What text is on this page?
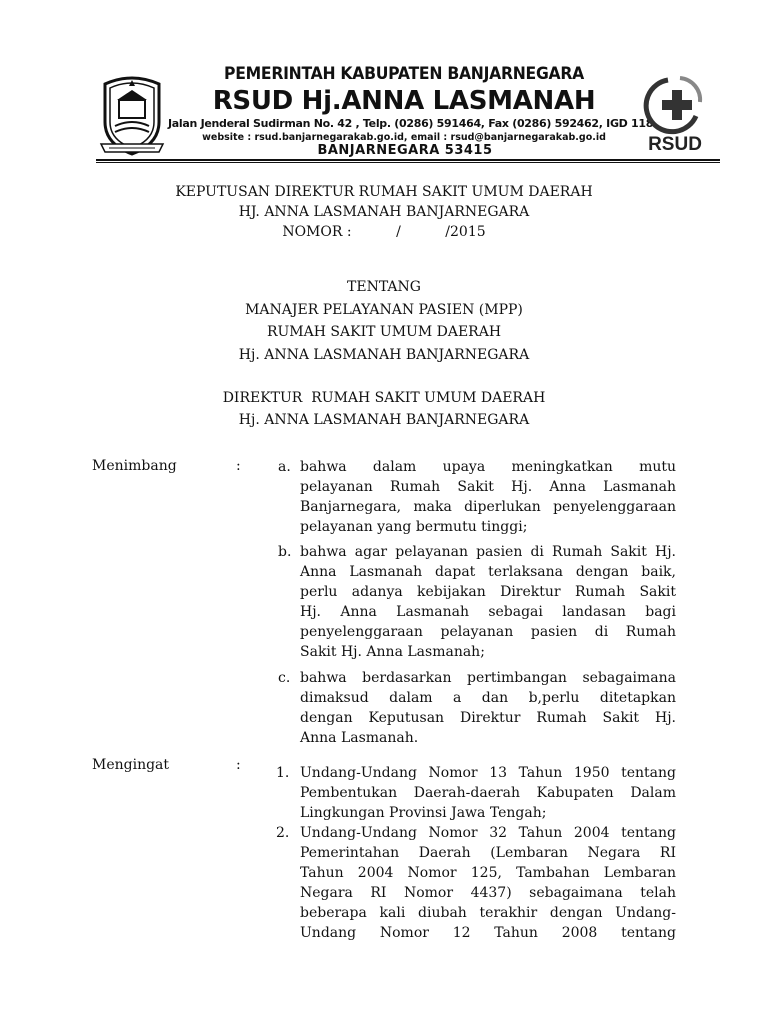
PEMERINTAH KABUPATEN BANJARNEGARA
RSUD Hj.ANNA LASMANAH
Jalan Jenderal Sudirman No. 42 , Telp. (0286) 591464, Fax (0286) 592462, IGD 118
website : rsud.banjarnegarakab.go.id, email : rsud@banjarnegarakab.go.id
BANJARNEGARA 53415	RSUD
KEPUTUSAN DIREKTUR RUMAH SAKIT UMUM DAERAH
HJ. ANNA LASMANAH BANJARNEGARA
NOMOR :          /          /2015
TENTANG
MANAJER PELAYANAN PASIEN (MPP)
RUMAH SAKIT UMUM DAERAH
Hj. ANNA LASMANAH BANJARNEGARA
DIREKTUR  RUMAH SAKIT UMUM DAERAH
Hj. ANNA LASMANAH BANJARNEGARA
Menimbang	:	a. bahwa dalam upaya meningkatkan mutu
pelayanan Rumah Sakit Hj. Anna Lasmanah
Banjarnegara, maka diperlukan penyelenggaraan
pelayanan yang bermutu tinggi;
b. bahwa agar pelayanan pasien di Rumah Sakit Hj.
Anna Lasmanah dapat terlaksana dengan baik,
perlu adanya kebijakan Direktur Rumah Sakit
Hj. Anna Lasmanah sebagai landasan bagi
penyelenggaraan pelayanan pasien di Rumah
Sakit Hj. Anna Lasmanah;
c. bahwa berdasarkan pertimbangan sebagaimana
dimaksud dalam a dan b,perlu ditetapkan
dengan Keputusan Direktur Rumah Sakit Hj.
Anna Lasmanah.
Mengingat	:	1. Undang-Undang Nomor 13 Tahun 1950 tentang
Pembentukan Daerah-daerah Kabupaten Dalam
Lingkungan Provinsi Jawa Tengah;
2. Undang-Undang Nomor 32 Tahun 2004 tentang
Pemerintahan Daerah (Lembaran Negara RI
Tahun 2004 Nomor 125, Tambahan Lembaran
Negara RI Nomor 4437) sebagaimana telah
beberapa kali diubah terakhir dengan Undang-
Undang Nomor 12 Tahun 2008 tentang
